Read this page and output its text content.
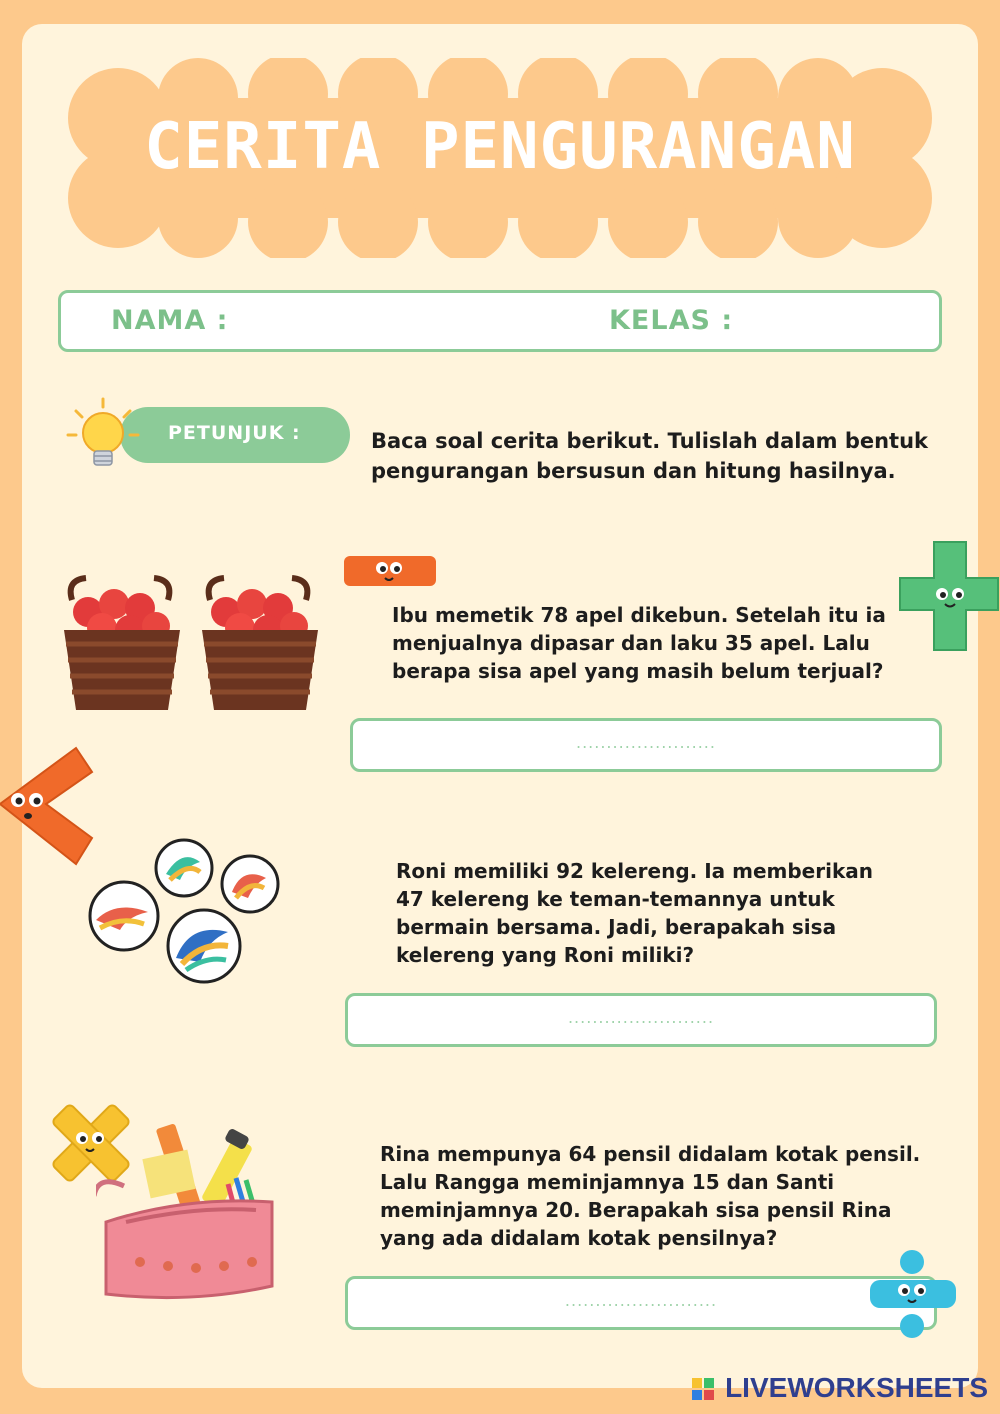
CERITA PENGURANGAN
NAMA :	KELAS :
PETUNJUK :	Baca soal cerita berikut. Tulislah dalam bentuk
pengurangan bersusun dan hitung hasilnya.
Ibu memetik 78 apel dikebun. Setelah itu ia
menjualnya dipasar dan laku 35 apel. Lalu
berapa sisa apel yang masih belum terjual?
.......................
Roni memiliki 92 kelereng. Ia memberikan
47 kelereng ke teman-temannya untuk
bermain bersama. Jadi, berapakah sisa
kelereng yang Roni miliki?
........................
Rina mempunya 64 pensil didalam kotak pensil.
Lalu Rangga meminjamnya 15 dan Santi
meminjamnya 20. Berapakah sisa pensil Rina
yang ada didalam kotak pensilnya?
.........................
LIVEWORKSHEETS
